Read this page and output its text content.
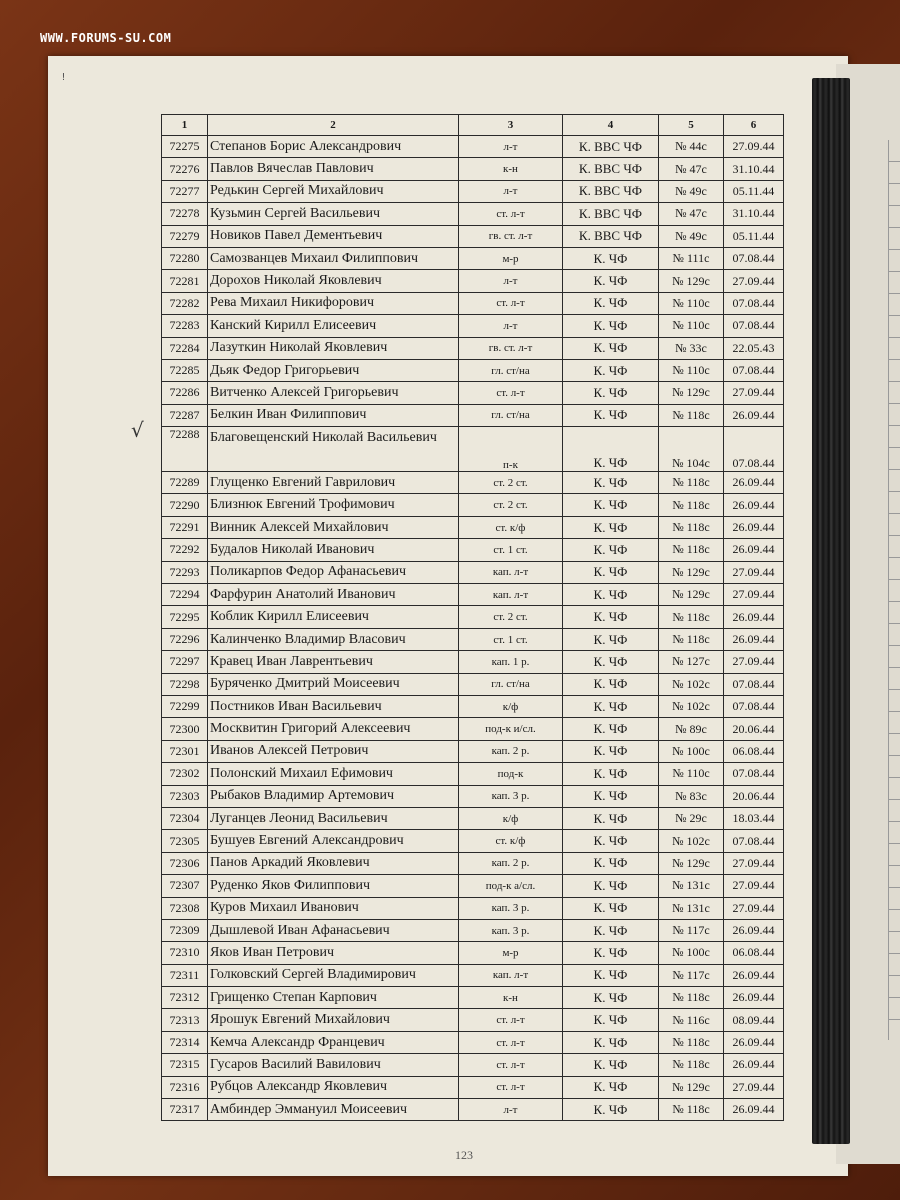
WWW.FORUMS-SU.COM
ǃ
√
1	2	3	4	5	6
72275	Степанов Борис Александрович	л-т	К. ВВС ЧФ	№ 44с	27.09.44
72276	Павлов Вячеслав Павлович	к-н	К. ВВС ЧФ	№ 47с	31.10.44
72277	Редькин Сергей Михайлович	л-т	К. ВВС ЧФ	№ 49с	05.11.44
72278	Кузьмин Сергей Васильевич	ст. л-т	К. ВВС ЧФ	№ 47с	31.10.44
72279	Новиков Павел Дементьевич	гв. ст. л-т	К. ВВС ЧФ	№ 49с	05.11.44
72280	Самозванцев Михаил Филиппович	м-р	К. ЧФ	№ 111с	07.08.44
72281	Дорохов Николай Яковлевич	л-т	К. ЧФ	№ 129с	27.09.44
72282	Рева Михаил Никифорович	ст. л-т	К. ЧФ	№ 110с	07.08.44
72283	Канский Кирилл Елисеевич	л-т	К. ЧФ	№ 110с	07.08.44
72284	Лазуткин Николай Яковлевич	гв. ст. л-т	К. ЧФ	№ 33с	22.05.43
72285	Дьяк Федор Григорьевич	гл. ст/на	К. ЧФ	№ 110с	07.08.44
72286	Витченко Алексей Григорьевич	ст. л-т	К. ЧФ	№ 129с	27.09.44
72287	Белкин Иван Филиппович	гл. ст/на	К. ЧФ	№ 118с	26.09.44
72288	Благовещенский Николай Васильевич	п-к	К. ЧФ	№ 104с	07.08.44
72289	Глущенко Евгений Гаврилович	ст. 2 ст.	К. ЧФ	№ 118с	26.09.44
72290	Близнюк Евгений Трофимович	ст. 2 ст.	К. ЧФ	№ 118с	26.09.44
72291	Винник Алексей Михайлович	ст. к/ф	К. ЧФ	№ 118с	26.09.44
72292	Будалов Николай Иванович	ст. 1 ст.	К. ЧФ	№ 118с	26.09.44
72293	Поликарпов Федор Афанасьевич	кап. л-т	К. ЧФ	№ 129с	27.09.44
72294	Фарфурин Анатолий Иванович	кап. л-т	К. ЧФ	№ 129с	27.09.44
72295	Коблик Кирилл Елисеевич	ст. 2 ст.	К. ЧФ	№ 118с	26.09.44
72296	Калинченко Владимир Власович	ст. 1 ст.	К. ЧФ	№ 118с	26.09.44
72297	Кравец Иван Лаврентьевич	кап. 1 р.	К. ЧФ	№ 127с	27.09.44
72298	Буряченко Дмитрий Моисеевич	гл. ст/на	К. ЧФ	№ 102с	07.08.44
72299	Постников Иван Васильевич	к/ф	К. ЧФ	№ 102с	07.08.44
72300	Москвитин Григорий Алексеевич	под-к и/сл.	К. ЧФ	№ 89с	20.06.44
72301	Иванов Алексей Петрович	кап. 2 р.	К. ЧФ	№ 100с	06.08.44
72302	Полонский Михаил Ефимович	под-к	К. ЧФ	№ 110с	07.08.44
72303	Рыбаков Владимир Артемович	кап. 3 р.	К. ЧФ	№ 83с	20.06.44
72304	Луганцев Леонид Васильевич	к/ф	К. ЧФ	№ 29с	18.03.44
72305	Бушуев Евгений Александрович	ст. к/ф	К. ЧФ	№ 102с	07.08.44
72306	Панов Аркадий Яковлевич	кап. 2 р.	К. ЧФ	№ 129с	27.09.44
72307	Руденко Яков Филиппович	под-к а/сл.	К. ЧФ	№ 131с	27.09.44
72308	Куров Михаил Иванович	кап. 3 р.	К. ЧФ	№ 131с	27.09.44
72309	Дышлевой Иван Афанасьевич	кап. 3 р.	К. ЧФ	№ 117с	26.09.44
72310	Яков Иван Петрович	м-р	К. ЧФ	№ 100с	06.08.44
72311	Голковский Сергей Владимирович	кап. л-т	К. ЧФ	№ 117с	26.09.44
72312	Грищенко Степан Карпович	к-н	К. ЧФ	№ 118с	26.09.44
72313	Ярошук Евгений Михайлович	ст. л-т	К. ЧФ	№ 116с	08.09.44
72314	Кемча Александр Францевич	ст. л-т	К. ЧФ	№ 118с	26.09.44
72315	Гусаров Василий Вавилович	ст. л-т	К. ЧФ	№ 118с	26.09.44
72316	Рубцов Александр Яковлевич	ст. л-т	К. ЧФ	№ 129с	27.09.44
72317	Амбиндер Эммануил Моисеевич	л-т	К. ЧФ	№ 118с	26.09.44
123
